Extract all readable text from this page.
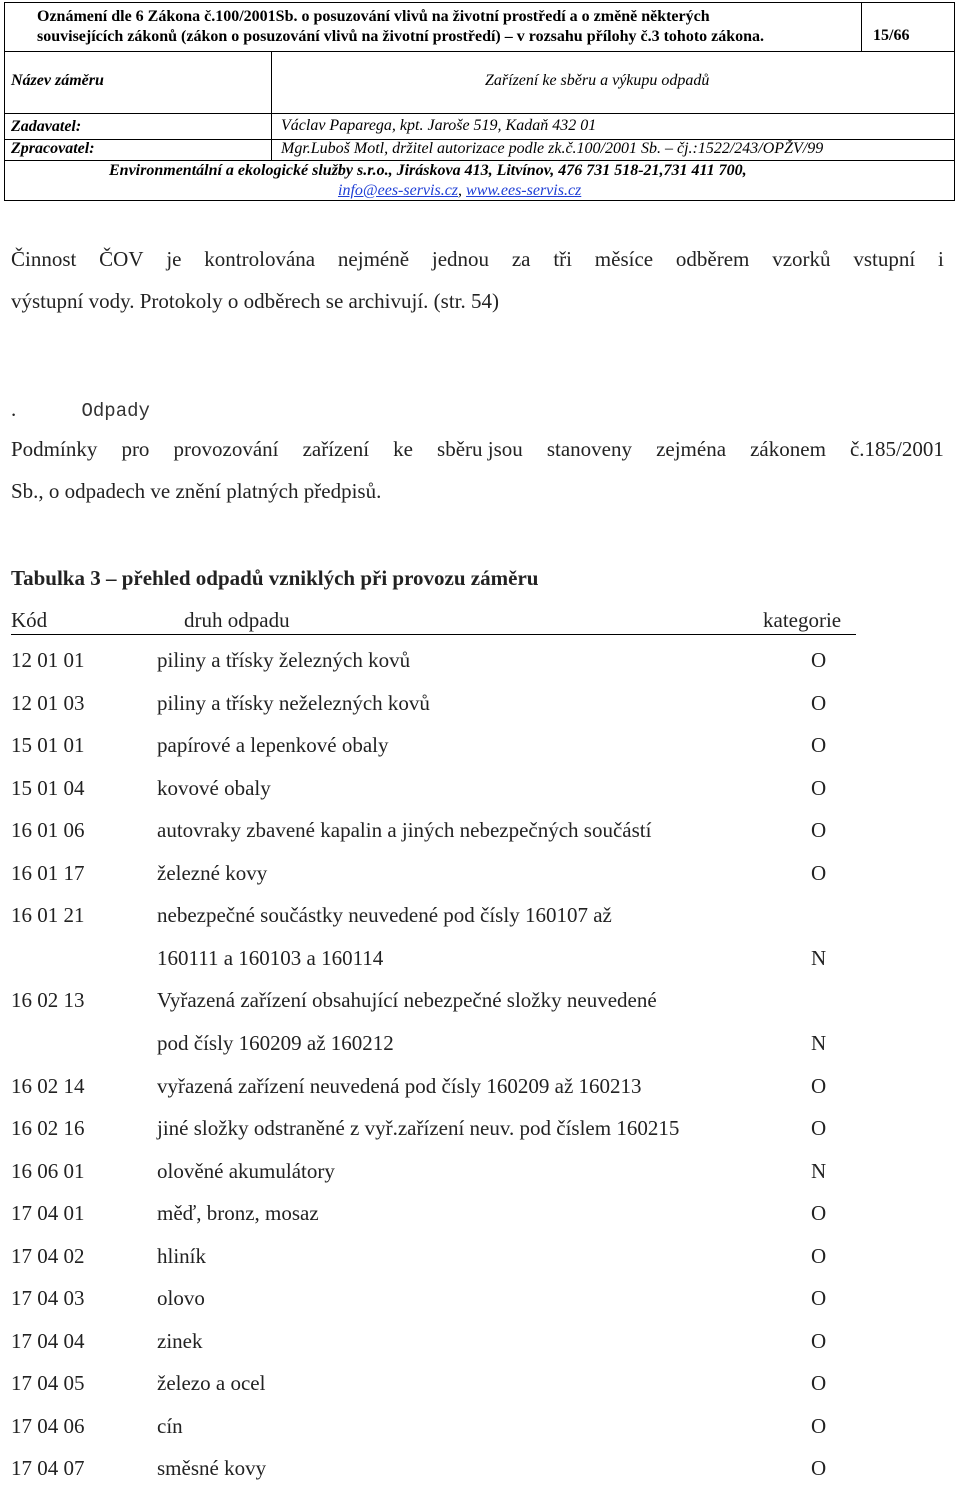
Oznámení dle 6 Zákona č.100/2001Sb. o posuzování vlivů na životní prostředí a o změně některých
souvisejících zákonů (zákon o posuzování vlivů na životní prostředí) – v rozsahu přílohy č.3 tohoto zákona.	15/66
Název záměru	Zařízení ke sběru a výkupu odpadů
Zadavatel:	Václav Paparega, kpt. Jaroše 519, Kadaň 432 01
Zpracovatel:	Mgr.Luboš Motl, držitel autorizace podle zk.č.100/2001 Sb. – čj.:1522/243/OPŽV/99
Environmentální a ekologické služby s.r.o., Jiráskova 413, Litvínov, 476 731 518-21,731 411 700,
info@ees-servis.cz, www.ees-servis.cz
Činnost ČOV je kontrolována nejméně jednou za tři měsíce odběrem vzorků vstupní i
výstupní vody. Protokoly o odběrech se archivují. (str. 54)
.	Odpady
Podmínky pro provozování zařízení ke sběru jsou stanoveny zejména zákonem č.185/2001
Sb., o odpadech ve znění platných předpisů.
Tabulka 3 – přehled odpadů vzniklých při provozu záměru
Kód	druh odpadu	kategorie
12 01 01	piliny a třísky železných kovů	O
12 01 03	piliny a třísky neželezných kovů	O
15 01 01	papírové a lepenkové obaly	O
15 01 04	kovové obaly	O
16 01 06	autovraky zbavené kapalin a jiných nebezpečných součástí	O
16 01 17	železné kovy	O
16 01 21	nebezpečné součástky neuvedené pod čísly 160107 až
160111 a 160103 a 160114	N
16 02 13	Vyřazená zařízení obsahující nebezpečné složky neuvedené
pod čísly 160209 až 160212	N
16 02 14	vyřazená zařízení neuvedená pod čísly 160209 až 160213	O
16 02 16	jiné složky odstraněné z vyř.zařízení neuv. pod číslem 160215	O
16 06 01	olověné akumulátory	N
17 04 01	měď, bronz, mosaz	O
17 04 02	hliník	O
17 04 03	olovo	O
17 04 04	zinek	O
17 04 05	železo a ocel	O
17 04 06	cín	O
17 04 07	směsné kovy	O
